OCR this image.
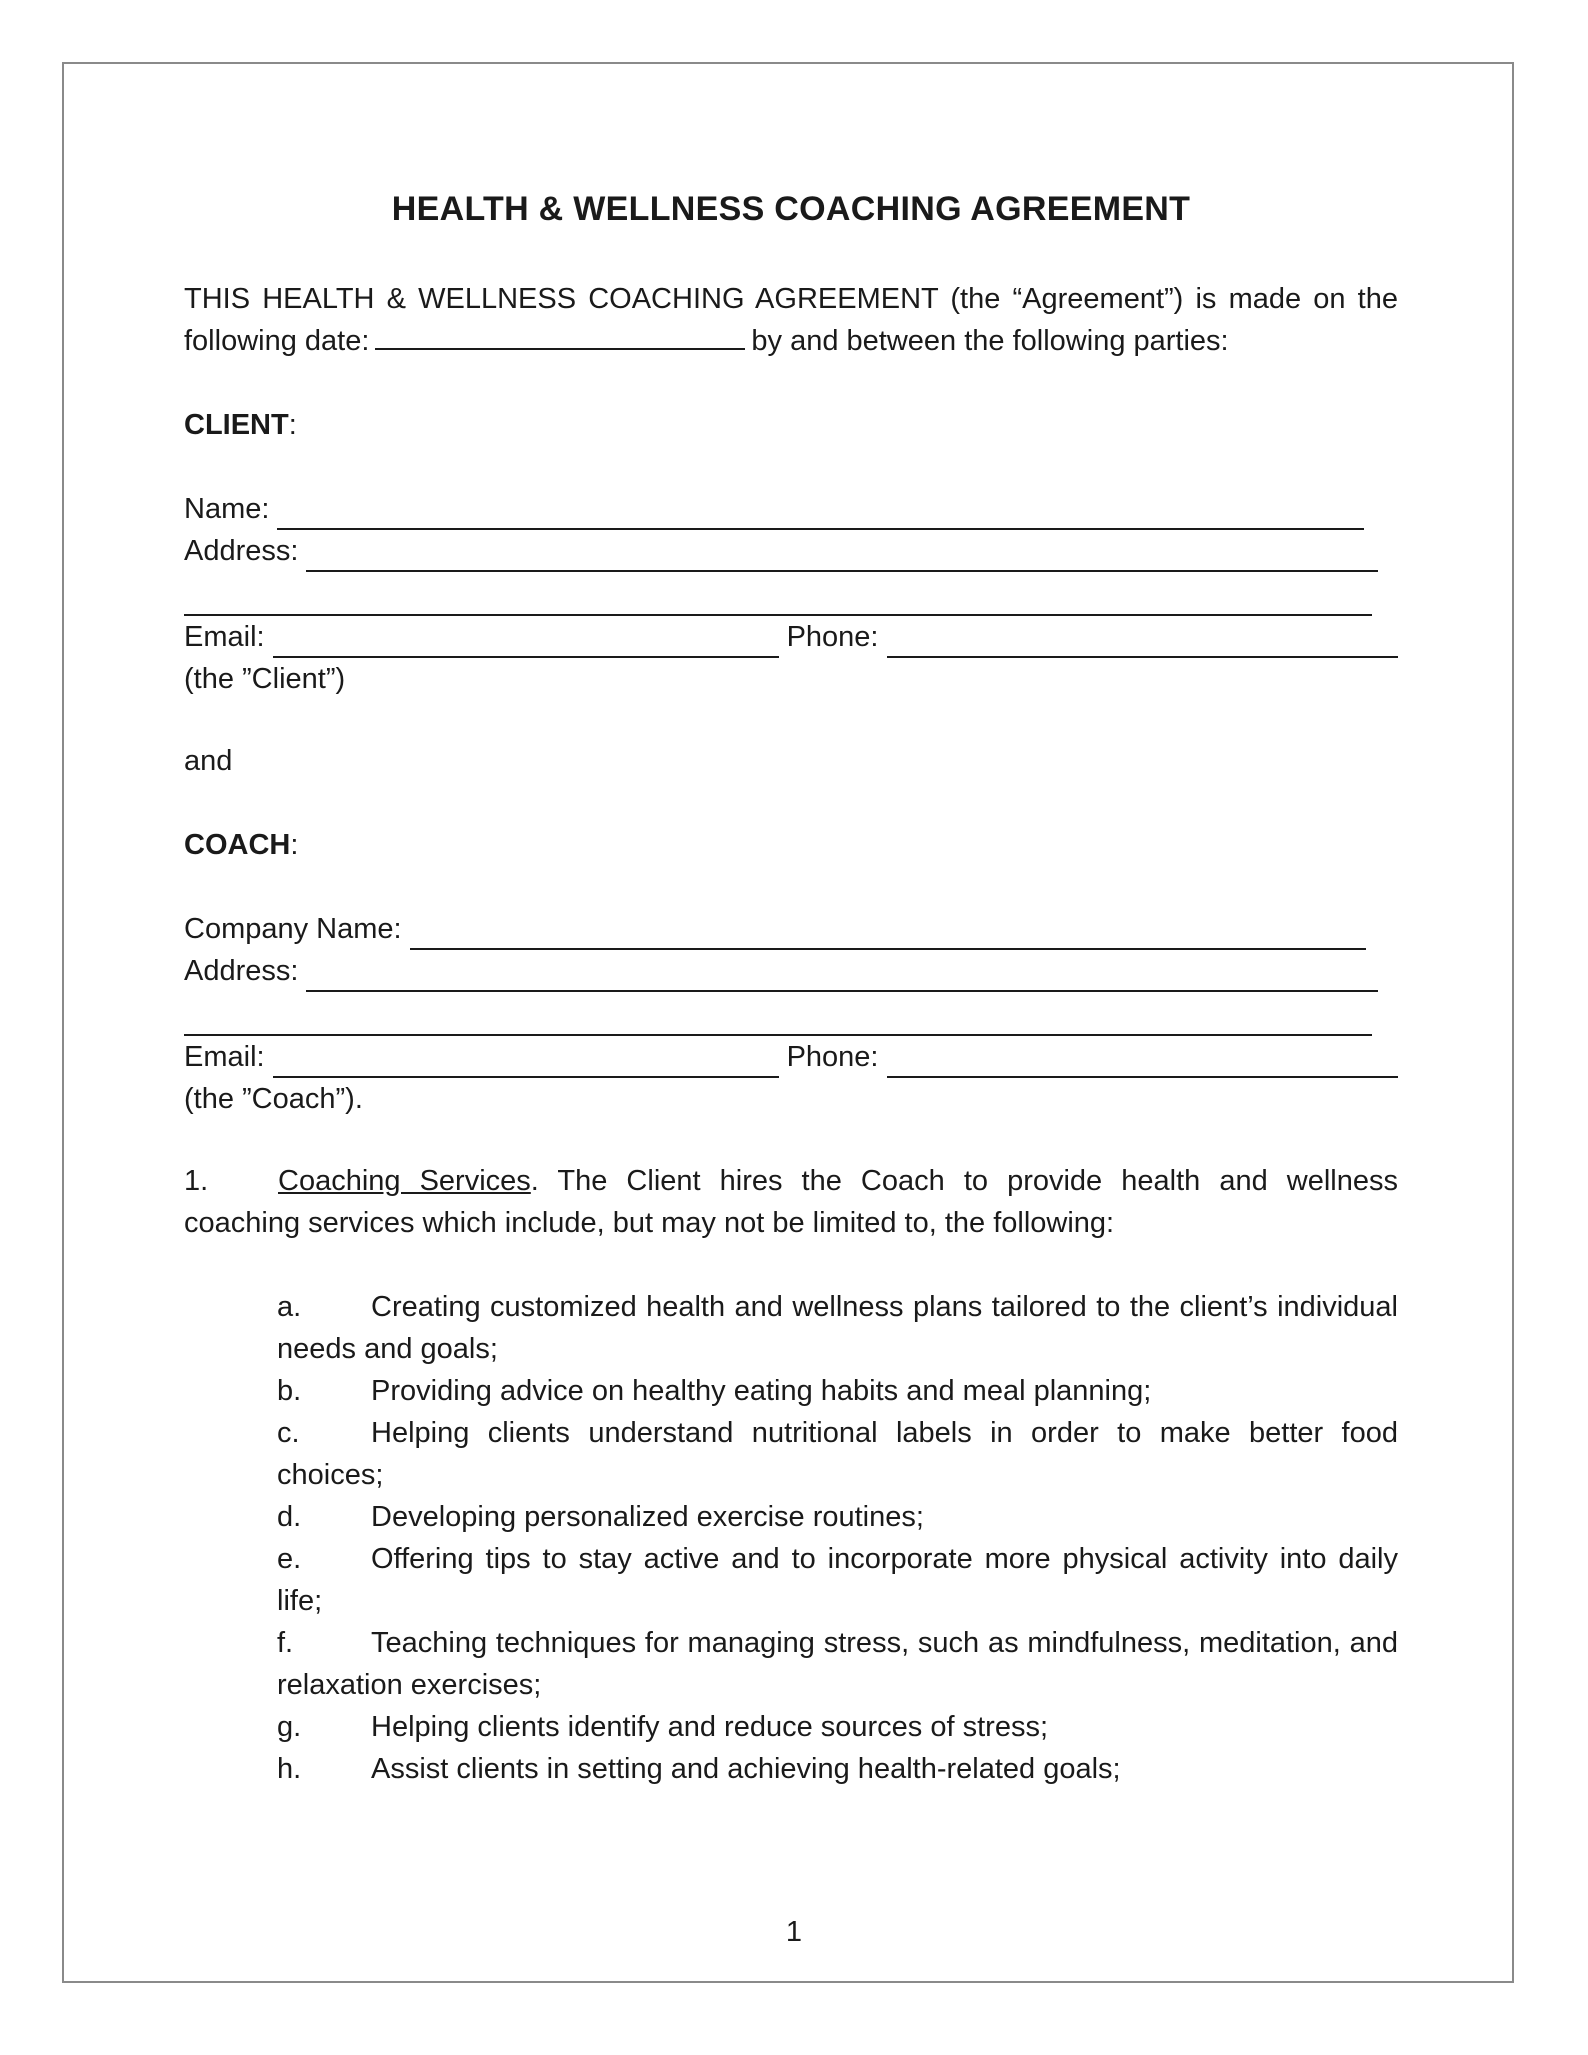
HEALTH & WELLNESS COACHING AGREEMENT
THIS HEALTH & WELLNESS COACHING AGREEMENT (the “Agreement”) is made on the following date:	by and between the following parties:
CLIENT:
Name:
Address:
Email:	Phone:
(the ”Client”)
and
COACH:
Company Name:
Address:
Email:	Phone:
(the ”Coach”).
1. Coaching Services. The Client hires the Coach to provide health and wellness coaching services which include, but may not be limited to, the following:
a. Creating customized health and wellness plans tailored to the client’s individual needs and goals;
b. Providing advice on healthy eating habits and meal planning;
c. Helping clients understand nutritional labels in order to make better food choices;
d. Developing personalized exercise routines;
e. Offering tips to stay active and to incorporate more physical activity into daily life;
f.	Teaching techniques for managing stress, such as mindfulness, meditation, and relaxation exercises;
g. Helping clients identify and reduce sources of stress;
h. Assist clients in setting and achieving health-related goals;
1
